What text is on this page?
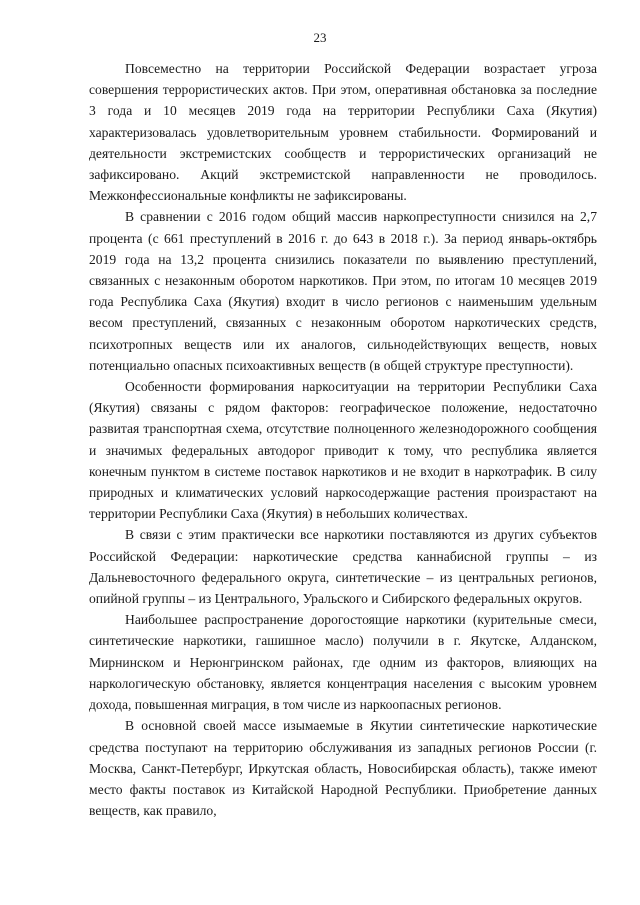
23

Повсеместно на территории Российской Федерации возрастает угроза совершения террористических актов. При этом, оперативная обстановка за последние 3 года и 10 месяцев 2019 года на территории Республики Саха (Якутия) характеризовалась удовлетворительным уровнем стабильности. Формирований и деятельности экстремистских сообществ и террористических организаций не зафиксировано. Акций экстремистской направленности не проводилось. Межконфессиональные конфликты не зафиксированы.

В сравнении с 2016 годом общий массив наркопреступности снизился на 2,7 процента (с 661 преступлений в 2016 г. до 643 в 2018 г.). За период январь-октябрь 2019 года на 13,2 процента снизились показатели по выявлению преступлений, связанных с незаконным оборотом наркотиков. При этом, по итогам 10 месяцев 2019 года Республика Саха (Якутия) входит в число регионов с наименьшим удельным весом преступлений, связанных с незаконным оборотом наркотических средств, психотропных веществ или их аналогов, сильнодействующих веществ, новых потенциально опасных психоактивных веществ (в общей структуре преступности).

Особенности формирования наркоситуации на территории Республики Саха (Якутия) связаны с рядом факторов: географическое положение, недостаточно развитая транспортная схема, отсутствие полноценного железнодорожного сообщения и значимых федеральных автодорог приводит к тому, что республика является конечным пунктом в системе поставок наркотиков и не входит в наркотрафик. В силу природных и климатических условий наркосодержащие растения произрастают на территории Республики Саха (Якутия) в небольших количествах.

В связи с этим практически все наркотики поставляются из других субъектов Российской Федерации: наркотические средства каннабисной группы – из Дальневосточного федерального округа, синтетические – из центральных регионов, опийной группы – из Центрального, Уральского и Сибирского федеральных округов.

Наибольшее распространение дорогостоящие наркотики (курительные смеси, синтетические наркотики, гашишное масло) получили в г. Якутске, Алданском, Мирнинском и Нерюнгринском районах, где одним из факторов, влияющих на наркологическую обстановку, является концентрация населения с высоким уровнем дохода, повышенная миграция, в том числе из наркоопасных регионов.

В основной своей массе изымаемые в Якутии синтетические наркотические средства поступают на территорию обслуживания из западных регионов России (г. Москва, Санкт-Петербург, Иркутская область, Новосибирская область), также имеют место факты поставок из Китайской Народной Республики. Приобретение данных веществ, как правило,
